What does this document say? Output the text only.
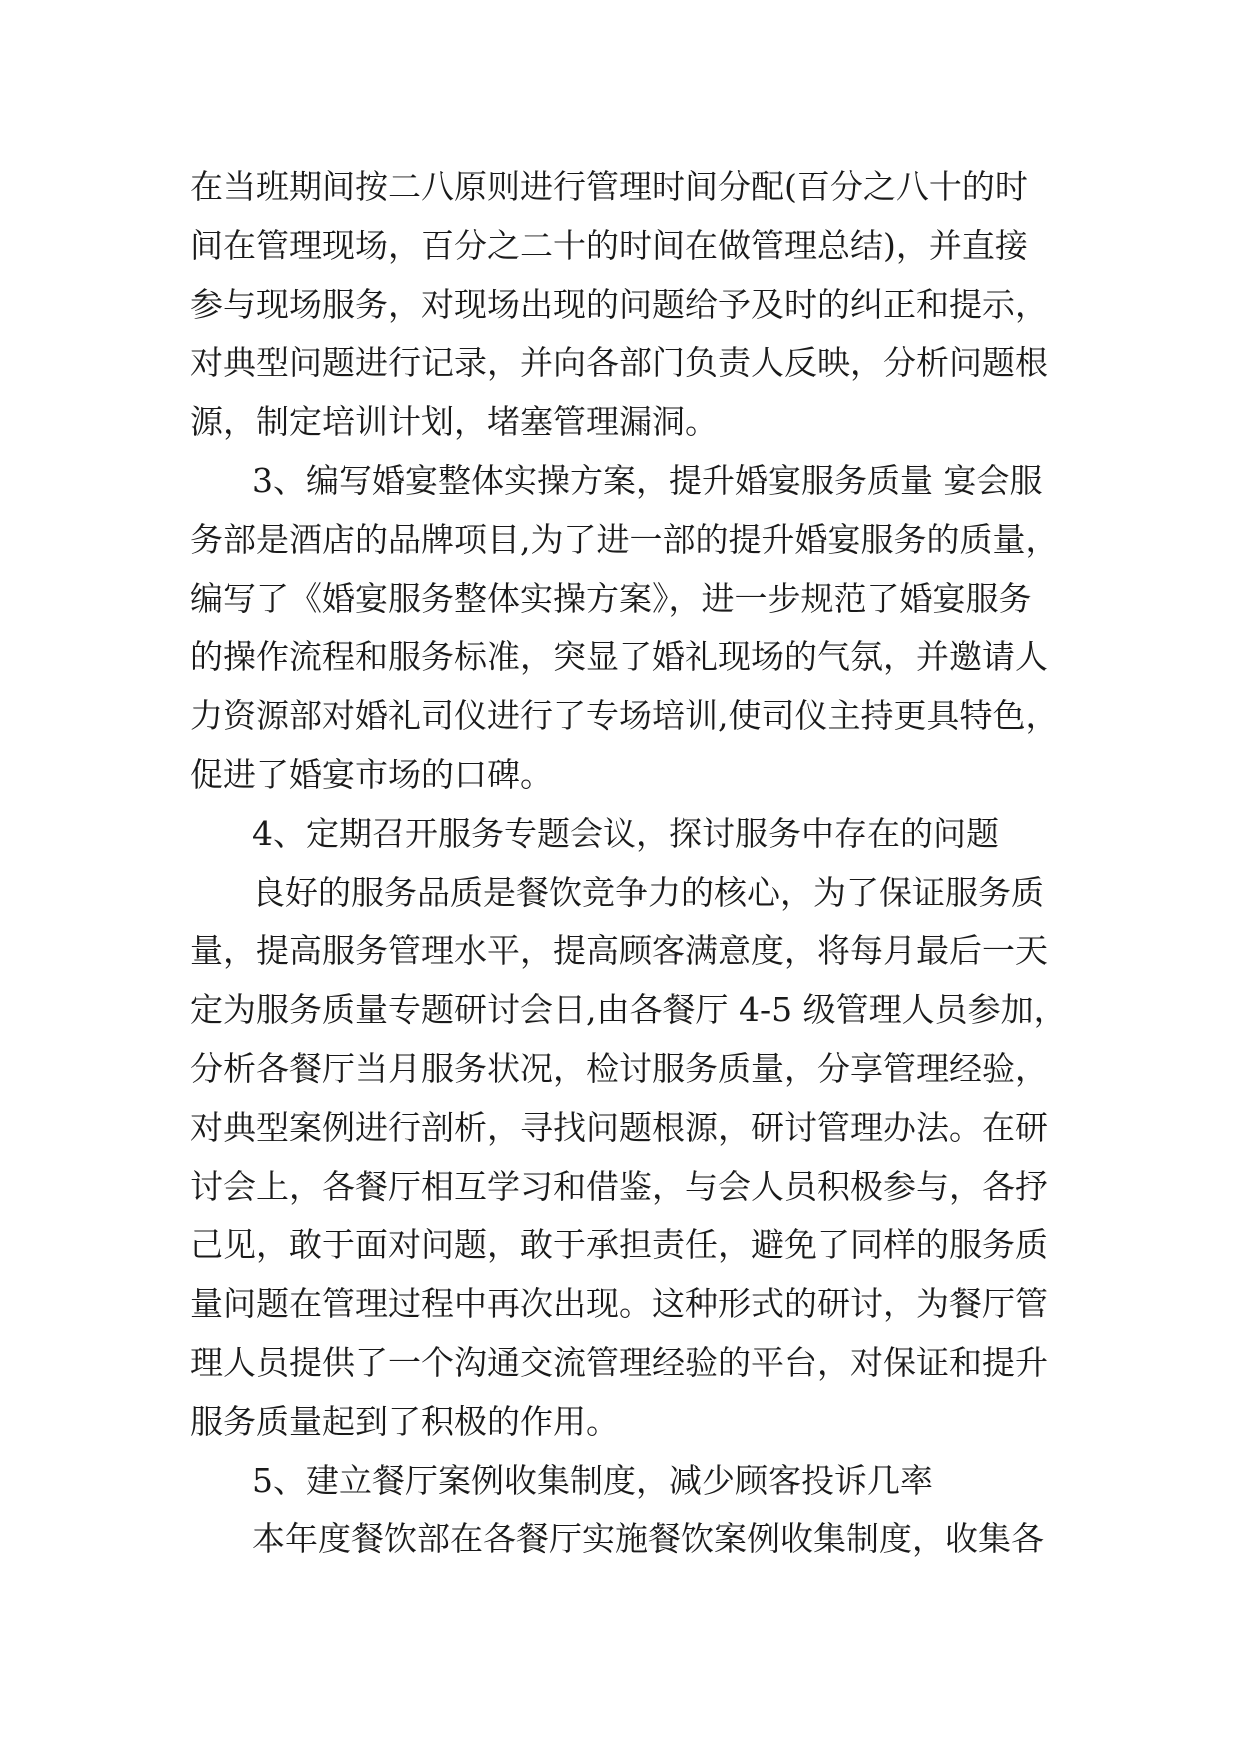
在当班期间按二八原则进行管理时间分配(百分之八十的时
间在管理现场，百分之二十的时间在做管理总结)，并直接
参与现场服务，对现场出现的问题给予及时的纠正和提示，
对典型问题进行记录，并向各部门负责人反映，分析问题根
源，制定培训计划，堵塞管理漏洞。
3、编写婚宴整体实操方案，提升婚宴服务质量 宴会服
务部是酒店的品牌项目,为了进一部的提升婚宴服务的质量，
编写了《婚宴服务整体实操方案》，进一步规范了婚宴服务
的操作流程和服务标准，突显了婚礼现场的气氛，并邀请人
力资源部对婚礼司仪进行了专场培训,使司仪主持更具特色，
促进了婚宴市场的口碑。
4、定期召开服务专题会议，探讨服务中存在的问题
良好的服务品质是餐饮竞争力的核心，为了保证服务质
量，提高服务管理水平，提高顾客满意度，将每月最后一天
定为服务质量专题研讨会日,由各餐厅 4-5 级管理人员参加，
分析各餐厅当月服务状况，检讨服务质量，分享管理经验，
对典型案例进行剖析，寻找问题根源，研讨管理办法。在研
讨会上，各餐厅相互学习和借鉴，与会人员积极参与，各抒
己见，敢于面对问题，敢于承担责任，避免了同样的服务质
量问题在管理过程中再次出现。这种形式的研讨，为餐厅管
理人员提供了一个沟通交流管理经验的平台，对保证和提升
服务质量起到了积极的作用。
5、建立餐厅案例收集制度，减少顾客投诉几率
本年度餐饮部在各餐厅实施餐饮案例收集制度，收集各
